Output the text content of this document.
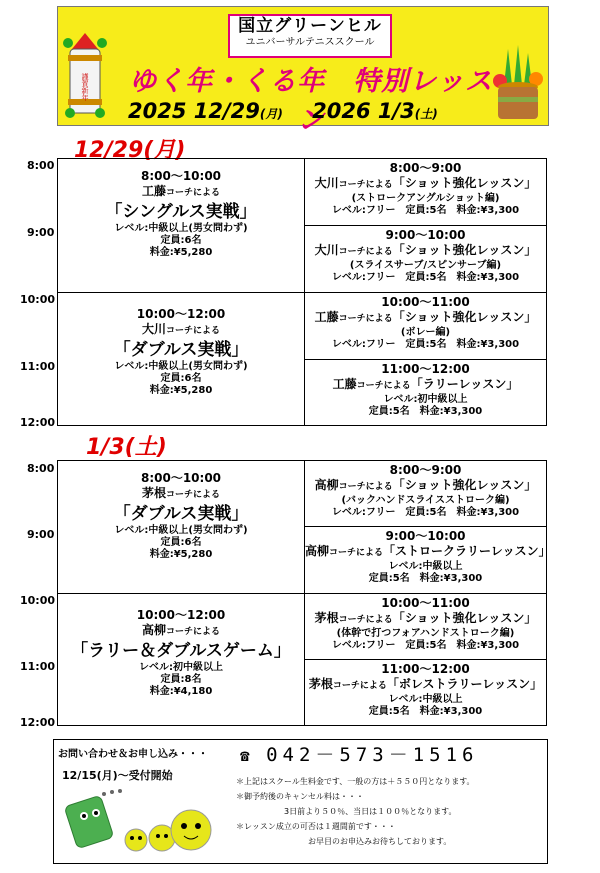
謹賀新年
国立グリーンヒル
ユニバーサルテニススクール
ゆく年・くる年　特別レッスン
2025 12/29(月) 2026 1/3(土)
12/29(月)
8:00
9:00
10:00
11:00
12:00
8:00～10:00
工藤コーチによる
「シングルス実戦」
レベル:中級以上(男女問わず)
定員:6名
料金:¥5,280
10:00～12:00
大川コーチによる
「ダブルス実戦」
レベル:中級以上(男女問わず)
定員:6名
料金:¥5,280
8:00～9:00
大川コーチによる「ショット強化レッスン」
(ストロークアングルショット編)
レベル:フリー　定員:5名　料金:¥3,300
9:00～10:00
大川コーチによる「ショット強化レッスン」
(スライスサーブ/スピンサーブ編)
レベル:フリー　定員:5名　料金:¥3,300
10:00～11:00
工藤コーチによる「ショット強化レッスン」
(ボレー編)
レベル:フリー　定員:5名　料金:¥3,300
11:00～12:00
工藤コーチによる「ラリーレッスン」
レベル:初中級以上
定員:5名　料金:¥3,300
1/3(土)
8:00
9:00
10:00
11:00
12:00
8:00～10:00
茅根コーチによる
「ダブルス実戦」
レベル:中級以上(男女問わず)
定員:6名
料金:¥5,280
10:00～12:00
高柳コーチによる
「ラリー＆ダブルスゲーム」
レベル:初中級以上
定員:8名
料金:¥4,180
8:00～9:00
高柳コーチによる「ショット強化レッスン」
(バックハンドスライスストローク編)
レベル:フリー　定員:5名　料金:¥3,300
9:00～10:00
高柳コーチによる「ストロークラリーレッスン」
レベル:中級以上
定員:5名　料金:¥3,300
10:00～11:00
茅根コーチによる「ショット強化レッスン」
(体幹で打つフォアハンドストローク編)
レベル:フリー　定員:5名　料金:¥3,300
11:00～12:00
茅根コーチによる「ボレストラリーレッスン」
レベル:中級以上
定員:5名　料金:¥3,300
お問い合わせ＆お申し込み・・・ ☎ 042－573－1516
12/15(月)～受付開始	＊上記はスクール生料金です、一般の方は＋５５０円となります。
＊御予約後のキャンセル料は・・・
　　　　　　3日前より５０％、当日は１００％となります。
＊レッスン成立の可否は１週間前です・・・
　　　　　　　　　お早目のお申込みお待ちしております。
